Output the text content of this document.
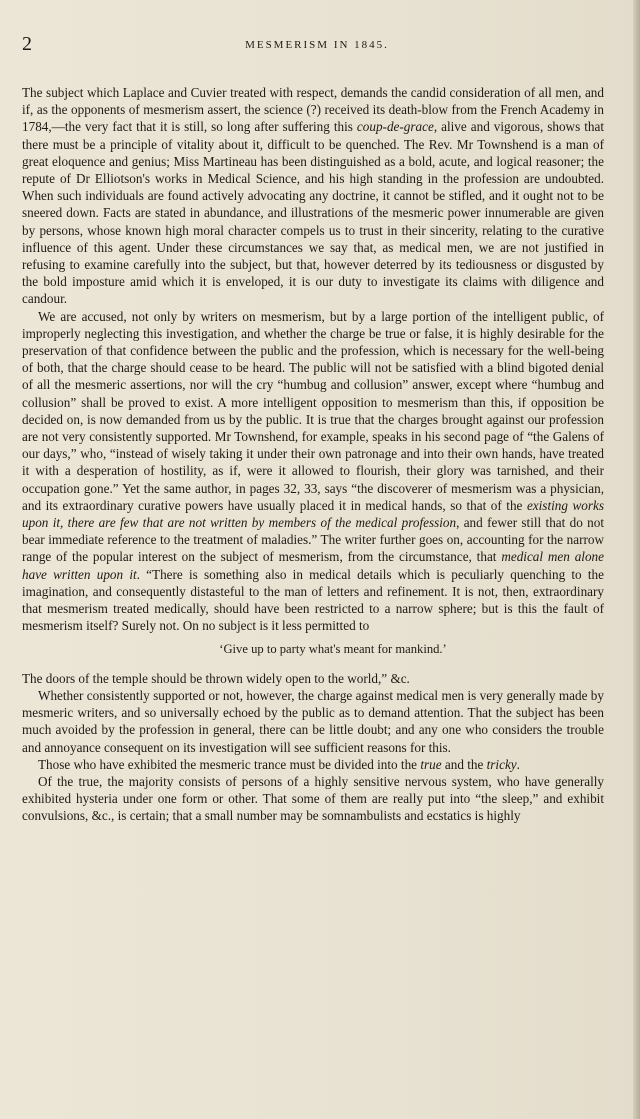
2	MESMERISM IN 1845.

The subject which Laplace and Cuvier treated with respect, demands the candid consideration of all men, and if, as the opponents of mesmerism assert, the science (?) received its death-blow from the French Academy in 1784,—the very fact that it is still, so long after suffering this coup-de-grace, alive and vigorous, shows that there must be a principle of vitality about it, difficult to be quenched. The Rev. Mr Townshend is a man of great eloquence and genius; Miss Martineau has been distinguished as a bold, acute, and logical reasoner; the repute of Dr Elliotson's works in Medical Science, and his high standing in the profession are undoubted. When such individuals are found actively advocating any doctrine, it cannot be stifled, and it ought not to be sneered down. Facts are stated in abundance, and illustrations of the mesmeric power innumerable are given by persons, whose known high moral character compels us to trust in their sincerity, relating to the curative influence of this agent. Under these circumstances we say that, as medical men, we are not justified in refusing to examine carefully into the subject, but that, however deterred by its tediousness or disgusted by the bold imposture amid which it is enveloped, it is our duty to investigate its claims with diligence and candour.

We are accused, not only by writers on mesmerism, but by a large portion of the intelligent public, of improperly neglecting this investigation, and whether the charge be true or false, it is highly desirable for the preservation of that confidence between the public and the profession, which is necessary for the well-being of both, that the charge should cease to be heard. The public will not be satisfied with a blind bigoted denial of all the mesmeric assertions, nor will the cry “humbug and collusion” answer, except where “humbug and collusion” shall be proved to exist. A more intelligent opposition to mesmerism than this, if opposition be decided on, is now demanded from us by the public. It is true that the charges brought against our profession are not very consistently supported. Mr Townshend, for example, speaks in his second page of “the Galens of our days,” who, “instead of wisely taking it under their own patronage and into their own hands, have treated it with a desperation of hostility, as if, were it allowed to flourish, their glory was tarnished, and their occupation gone.” Yet the same author, in pages 32, 33, says “the discoverer of mesmerism was a physician, and its extraordinary curative powers have usually placed it in medical hands, so that of the existing works upon it, there are few that are not written by members of the medical profession, and fewer still that do not bear immediate reference to the treatment of maladies.” The writer further goes on, accounting for the narrow range of the popular interest on the subject of mesmerism, from the circumstance, that medical men alone have written upon it. “There is something also in medical details which is peculiarly quenching to the imagination, and consequently distasteful to the man of letters and refinement. It is not, then, extraordinary that mesmerism treated medically, should have been restricted to a narrow sphere; but is this the fault of mesmerism itself? Surely not. On no subject is it less permitted to

‘Give up to party what's meant for mankind.’

The doors of the temple should be thrown widely open to the world,” &c.

Whether consistently supported or not, however, the charge against medical men is very generally made by mesmeric writers, and so universally echoed by the public as to demand attention. That the subject has been much avoided by the profession in general, there can be little doubt; and any one who considers the trouble and annoyance consequent on its investigation will see sufficient reasons for this.

Those who have exhibited the mesmeric trance must be divided into the true and the tricky.

Of the true, the majority consists of persons of a highly sensitive nervous system, who have generally exhibited hysteria under one form or other. That some of them are really put into “the sleep,” and exhibit convulsions, &c., is certain; that a small number may be somnambulists and ecstatics is highly
